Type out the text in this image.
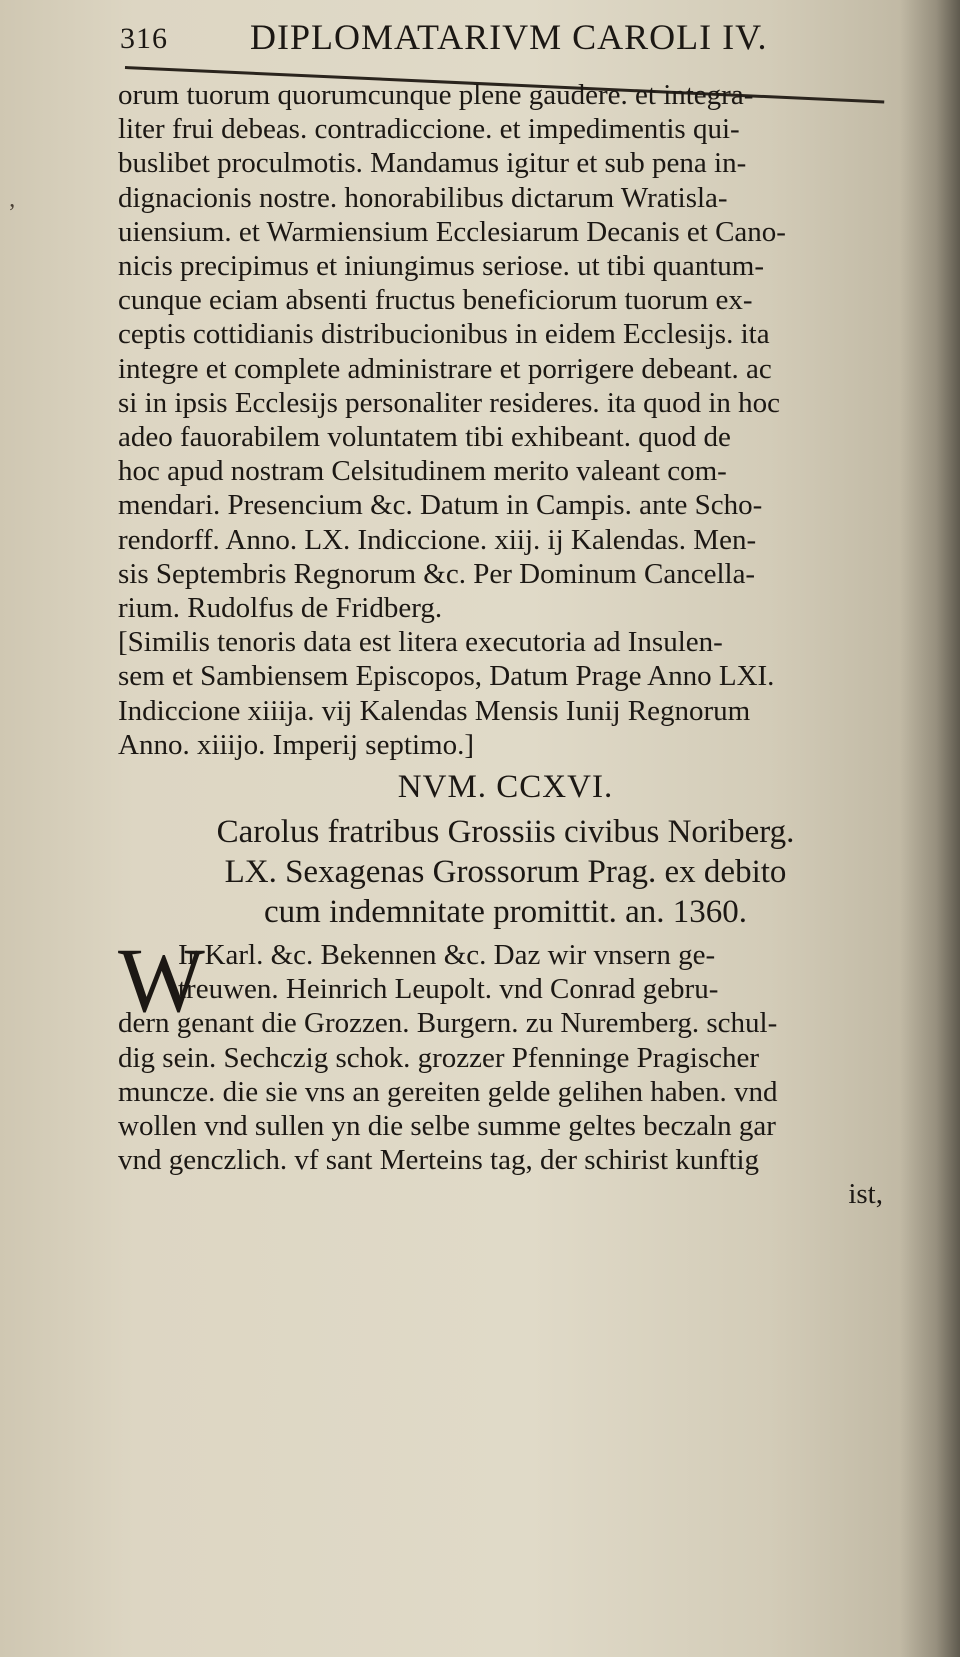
316 DIPLOMATARIVM CAROLI IV.
’
orum tuorum quorumcunque plene gaudere. et integra-
liter frui debeas. contradiccione. et impedimentis qui-
buslibet proculmotis. Mandamus igitur et sub pena in-
dignacionis nostre. honorabilibus dictarum Wratisla-
uiensium. et Warmiensium Ecclesiarum Decanis et Cano-
nicis precipimus et iniungimus seriose. ut tibi quantum-
cunque eciam absenti fructus beneficiorum tuorum ex-
ceptis cottidianis distribucionibus in eidem Ecclesijs. ita
integre et complete administrare et porrigere debeant. ac
si in ipsis Ecclesijs personaliter resideres. ita quod in hoc
adeo fauorabilem voluntatem tibi exhibeant. quod de
hoc apud nostram Celsitudinem merito valeant com-
mendari. Presencium &c. Datum in Campis. ante Scho-
rendorff. Anno. LX. Indiccione. xiij. ij Kalendas. Men-
sis Septembris Regnorum &c. Per Dominum Cancella-
rium. Rudolfus de Fridberg.
[Similis tenoris data est litera executoria ad Insulen-
sem et Sambiensem Episcopos, Datum Prage Anno LXI.
Indiccione xiiija. vij Kalendas Mensis Iunij Regnorum
Anno. xiiijo. Imperij septimo.]
NVM. CCXVI.
Carolus fratribus Grossiis civibus Noriberg.
LX. Sexagenas Grossorum Prag. ex debito
cum indemnitate promittit. an. 1360.
W
Ir Karl. &c. Bekennen &c. Daz wir vnsern ge-
treuwen. Heinrich Leupolt. vnd Conrad gebru-
dern genant die Grozzen. Burgern. zu Nuremberg. schul-
dig sein. Sechczig schok. grozzer Pfenninge Pragischer
muncze. die sie vns an gereiten gelde gelihen haben. vnd
wollen vnd sullen yn die selbe summe geltes beczaln gar
vnd genczlich. vf sant Merteins tag, der schirist kunftig
ist,
